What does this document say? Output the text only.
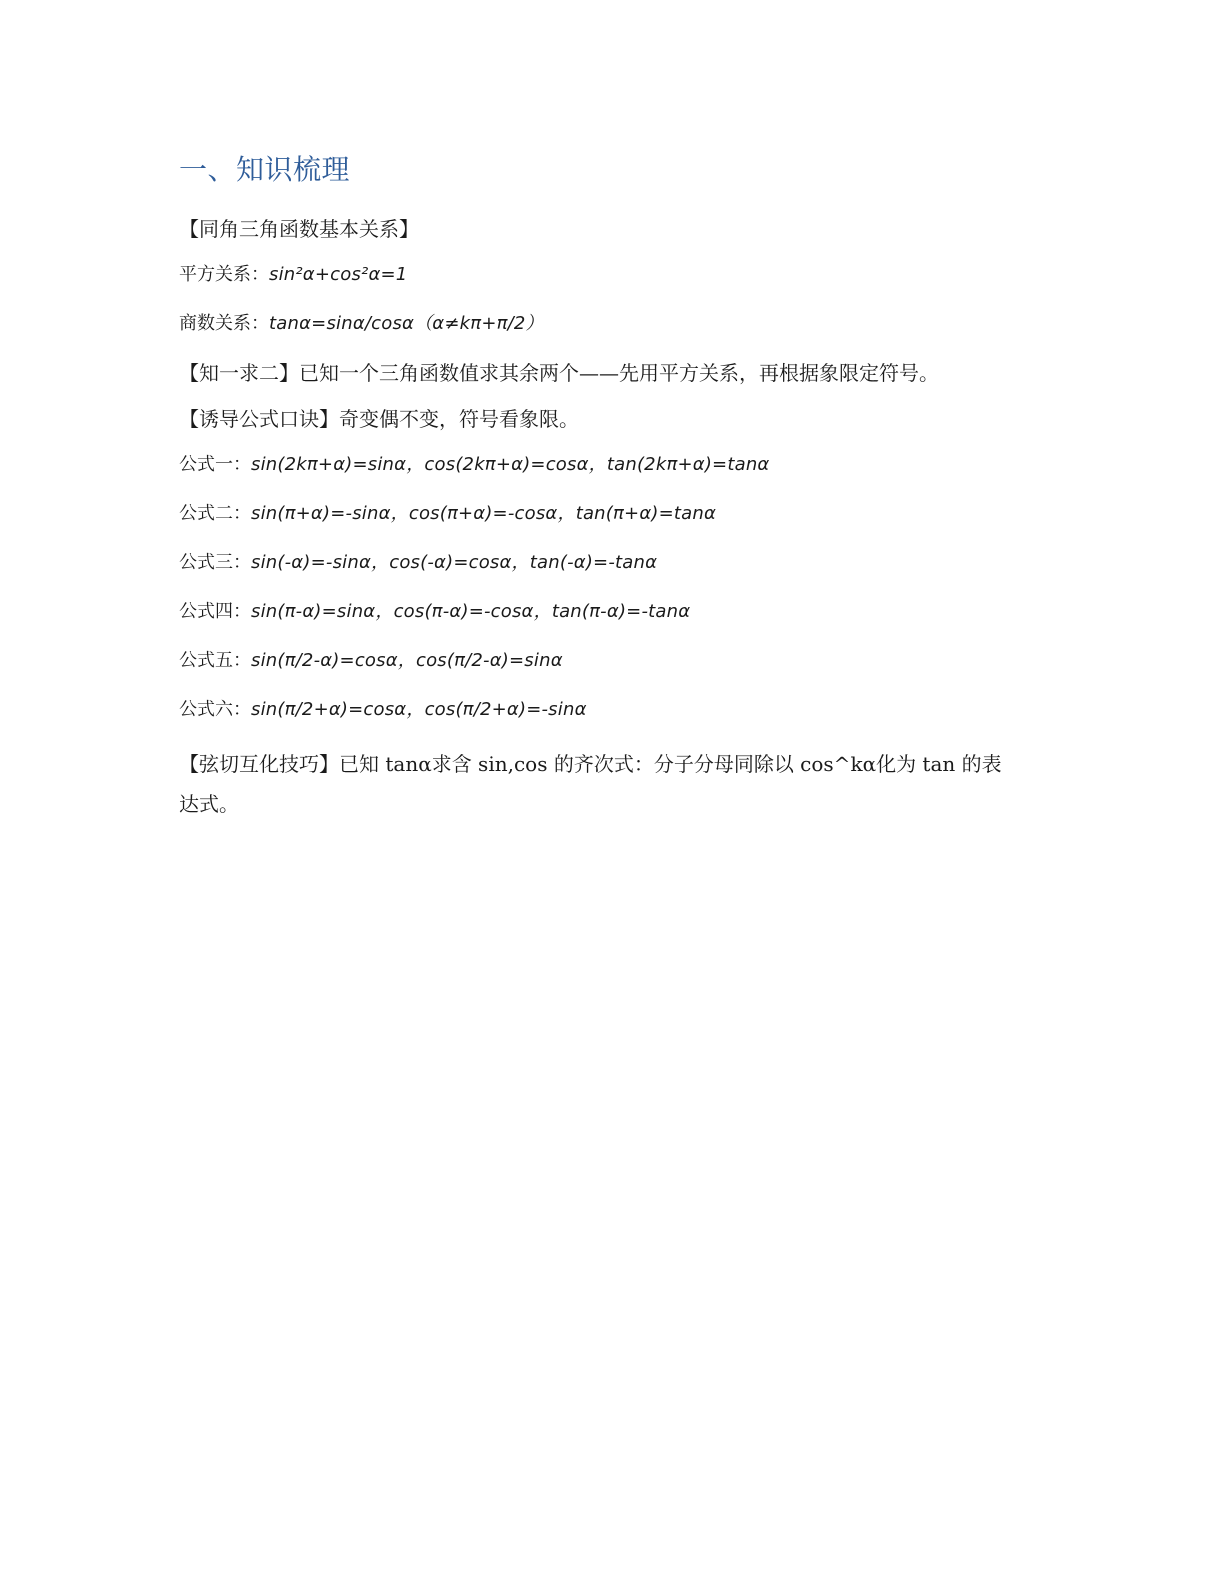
一、知识梳理
【同角三角函数基本关系】
平方关系：sin²α+cos²α=1
商数关系：tanα=sinα/cosα（α≠kπ+π/2）
【知一求二】已知一个三角函数值求其余两个——先用平方关系，再根据象限定符号。
【诱导公式口诀】奇变偶不变，符号看象限。
公式一：sin(2kπ+α)=sinα，cos(2kπ+α)=cosα，tan(2kπ+α)=tanα
公式二：sin(π+α)=-sinα，cos(π+α)=-cosα，tan(π+α)=tanα
公式三：sin(-α)=-sinα，cos(-α)=cosα，tan(-α)=-tanα
公式四：sin(π-α)=sinα，cos(π-α)=-cosα，tan(π-α)=-tanα
公式五：sin(π/2-α)=cosα，cos(π/2-α)=sinα
公式六：sin(π/2+α)=cosα，cos(π/2+α)=-sinα
【弦切互化技巧】已知 tanα求含 sin,cos 的齐次式：分子分母同除以 cos^kα化为 tan 的表达式。
